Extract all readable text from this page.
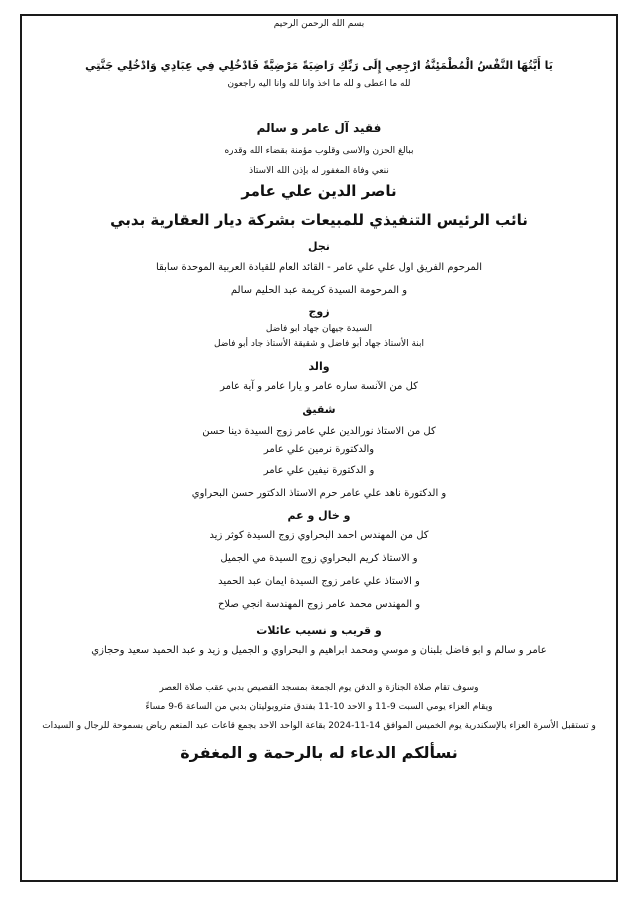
بسم الله الرحمن الرحيم
يَا أَيَّتُهَا النَّفْسُ الْمُطْمَئِنَّةُ ارْجِعِي إِلَى رَبِّكِ رَاضِيَةً مَرْضِيَّةً فَادْخُلِي فِي عِبَادِي وَادْخُلِي جَنَّتِي
لله ما اعطى و لله ما اخذ وانا لله وانا اليه راجعون
فقيد آل عامر و سالم
ببالغ الحزن والاسى وقلوب مؤمنة بقضاء الله وقدره
ننعي وفاة المغفور له بإذن الله الاستاذ
ناصر الدين علي عامر
نائب الرئيس التنفيذي للمبيعات بشركة ديار العقارية بدبي
نجل
المرحوم الفريق اول علي علي عامر - القائد العام للقيادة العربية الموحدة سابقا
و المرحومة السيدة كريمة عبد الحليم سالم
زوج
السيدة جيهان جهاد ابو فاضل
ابنة الأستاذ جهاد أبو فاضل و شقيقة الأستاذ جاد أبو فاضل
والد
كل من الآنسة ساره عامر و يارا عامر و آية عامر
شقيق
كل من الاستاذ نورالدين علي عامر زوج السيدة دينا حسن
والدكتورة نرمين علي عامر
و الدكتورة نيفين علي عامر
و الدكتورة ناهد علي عامر حرم الاستاذ الدكتور حسن البحراوي
و خال و عم
كل من المهندس احمد البحراوي زوج السيدة كوثر زيد
و الاستاذ كريم البحراوي زوج السيدة مي الجميل
و الاستاذ علي عامر زوج السيدة ايمان عبد الحميد
و المهندس محمد عامر زوج المهندسة انجي صلاح
و قريب و نسيب عائلات
عامر و سالم و ابو فاضل بلبنان و موسي ومحمد ابراهيم و البحراوي و الجميل و زيد و عبد الحميد سعيد وحجازي
وسوف تقام صلاة الجنازة و الدفن يوم الجمعة بمسجد القصيص بدبي عقب صلاة العصر
ويقام العزاء يومي السبت 9-11 و الاحد 10-11 بفندق متروبوليتان بدبي من الساعة 6-9 مساءً
و تستقبل الأسرة العزاء بالإسكندرية يوم الخميس الموافق 14-11-2024 بقاعة الواحد الاحد بجمع قاعات عبد المنعم رياض بسموحة للرجال و السيدات
نسألكم الدعاء له بالرحمة و المغفرة
